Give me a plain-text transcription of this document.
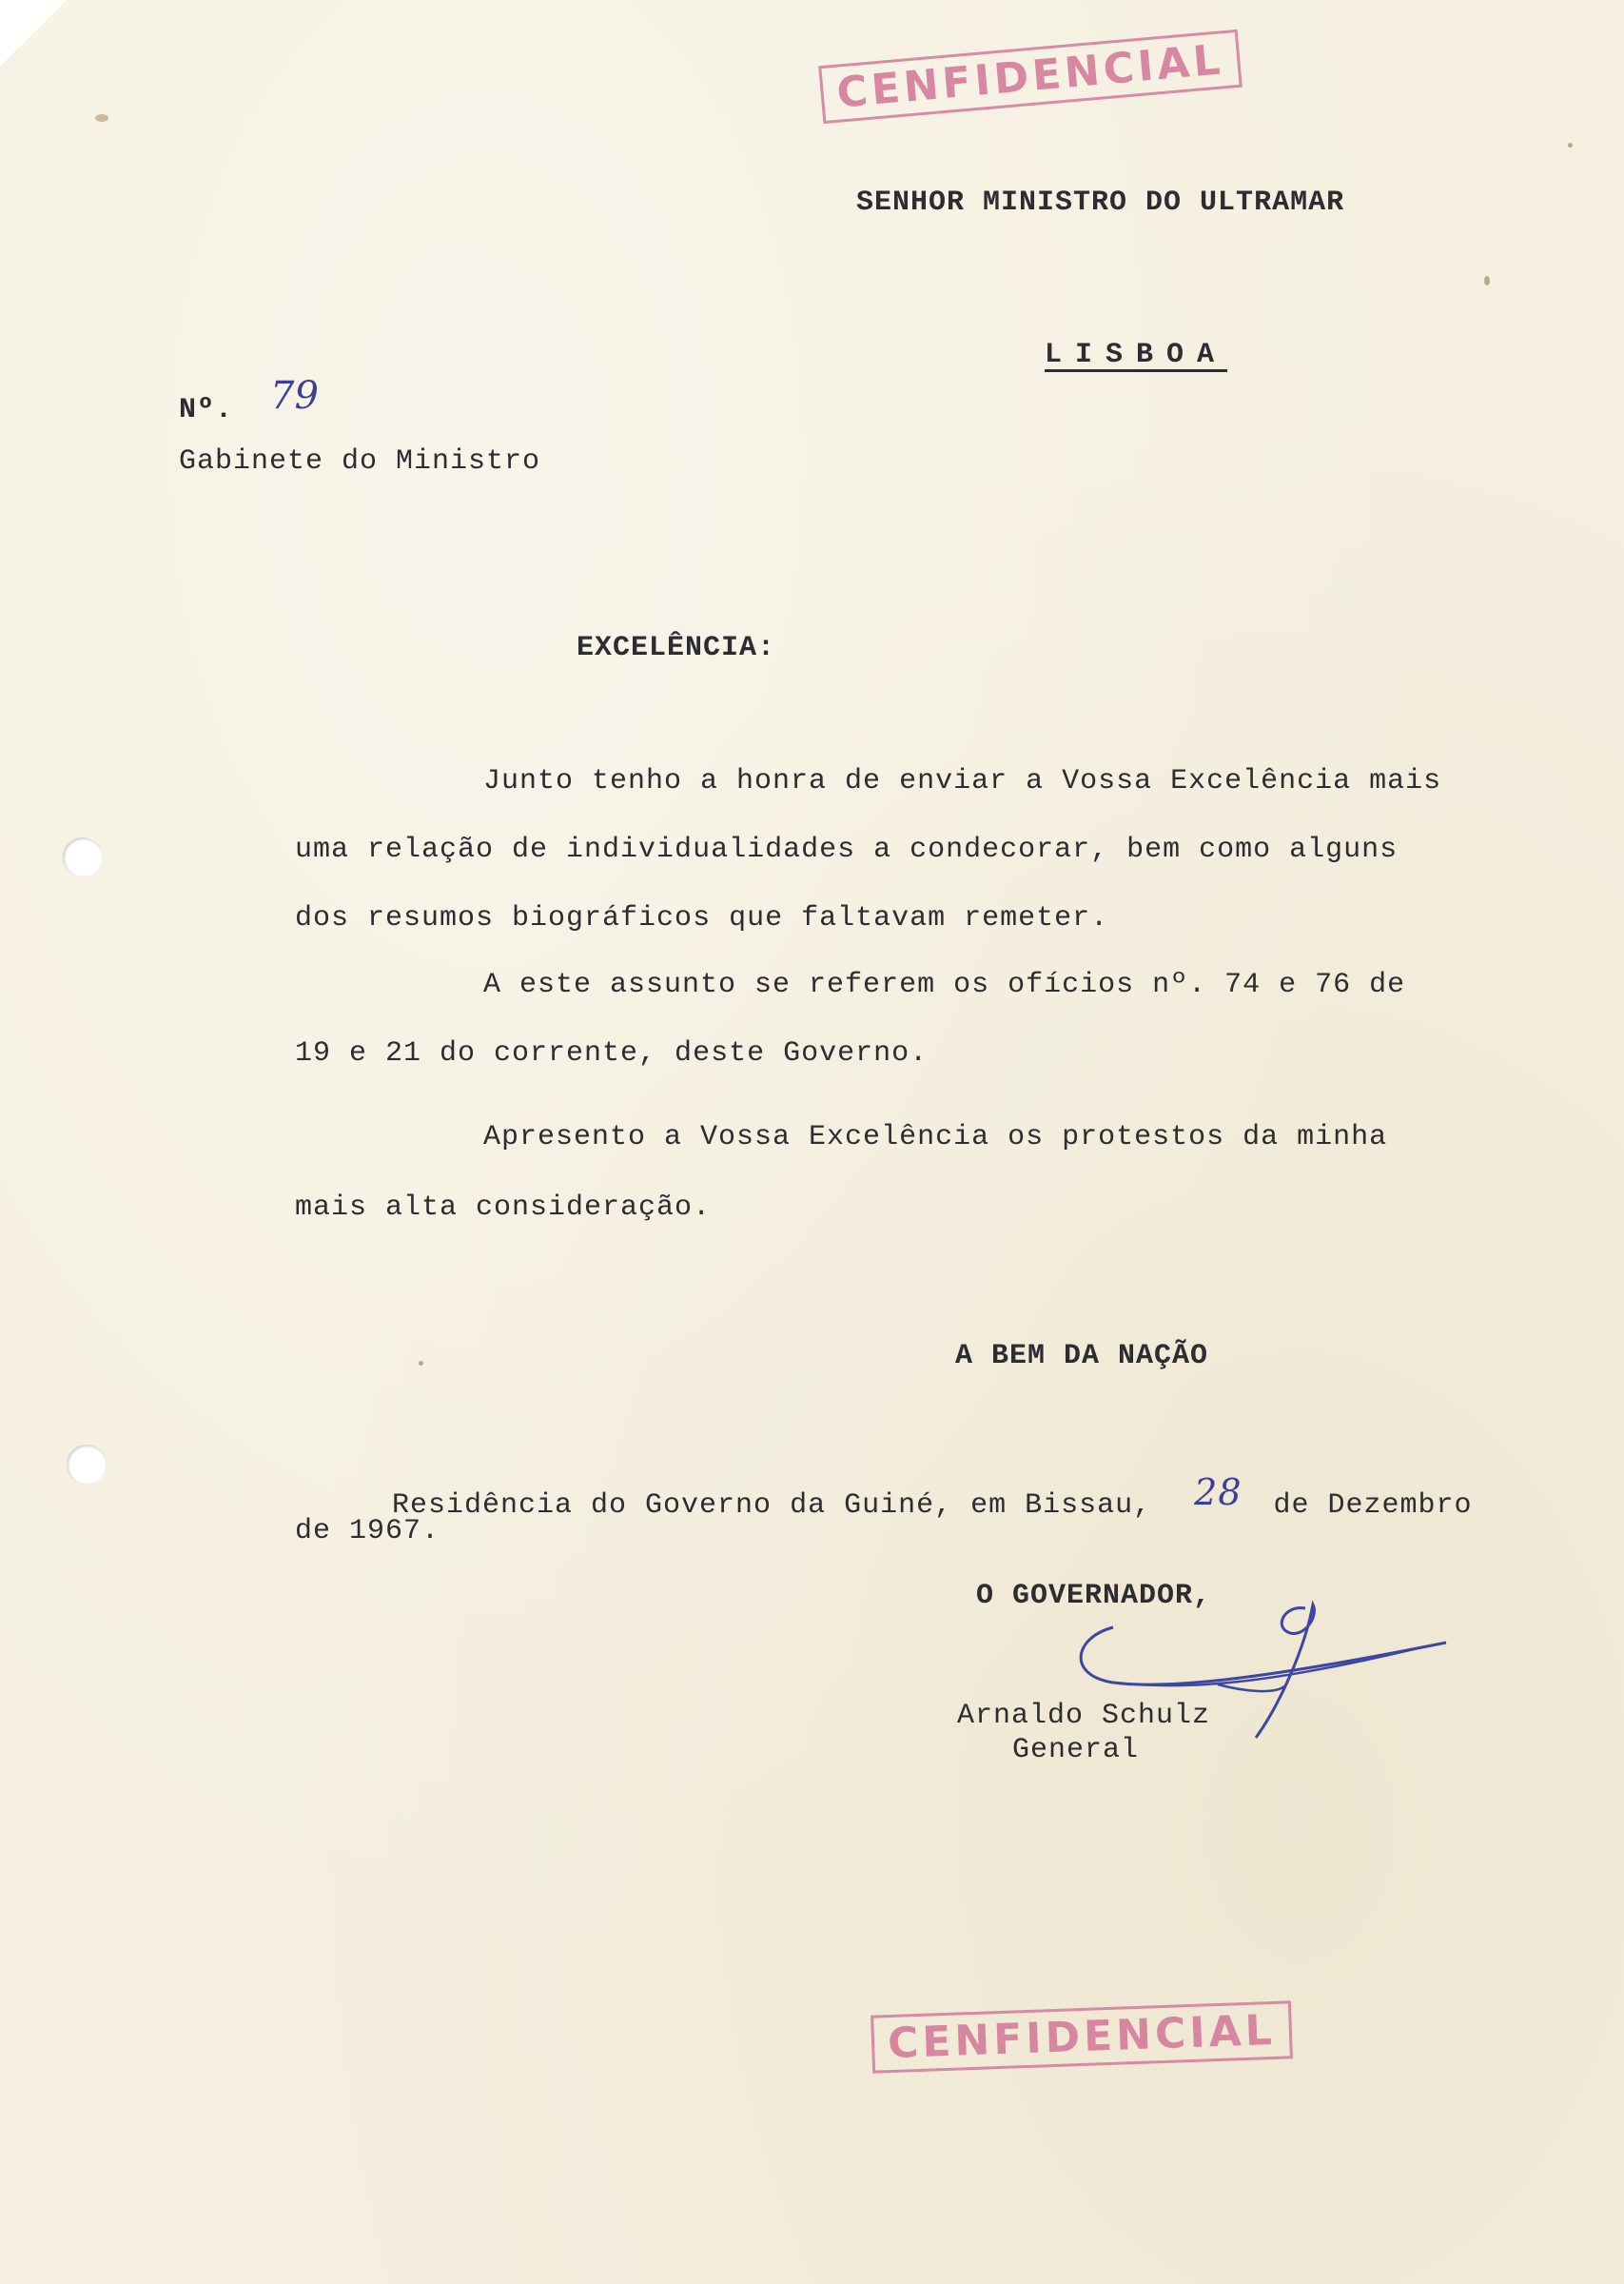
CENFIDENCIAL
SENHOR MINISTRO DO ULTRAMAR
LISBOA
Nº. 79
Gabinete do Ministro
EXCELÊNCIA:
Junto tenho a honra de enviar a Vossa Excelência mais
uma relação de individualidades a condecorar, bem como alguns
dos resumos biográficos que faltavam remeter.
A este assunto se referem os ofícios nº. 74 e 76 de
19 e 21 do corrente, deste Governo.
Apresento a Vossa Excelência os protestos da minha
mais alta consideração.
A BEM DA NAÇÃO
Residência do Governo da Guiné, em Bissau, 28 de Dezembro
de 1967.
O GOVERNADOR,
Arnaldo Schulz
General
CENFIDENCIAL
